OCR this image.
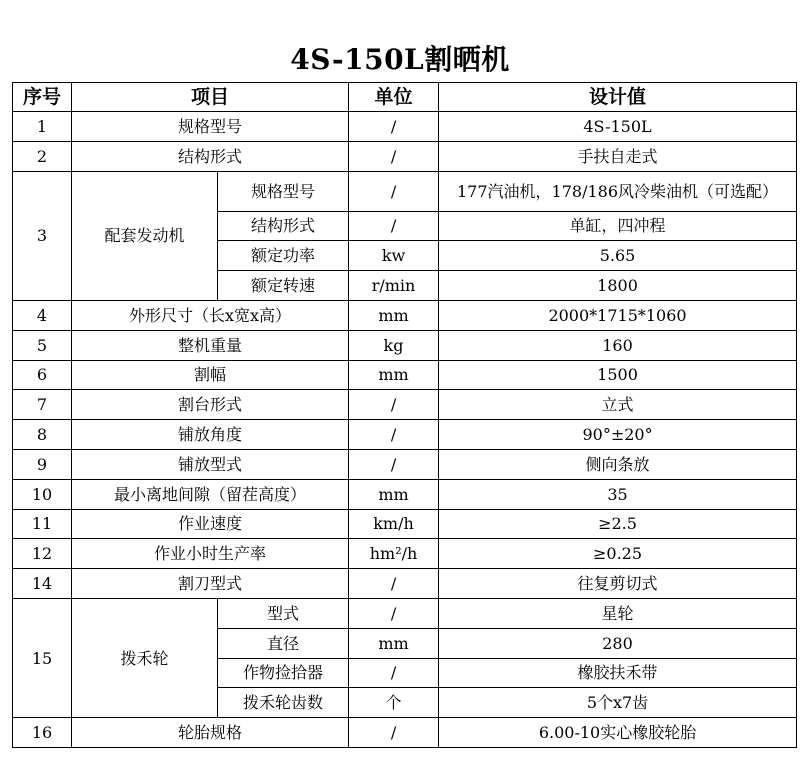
4S-150L割晒机
序号	项目		单位	设计值
1	规格型号		/	4S-150L
2	结构形式		/	手扶自走式
3	配套发动机	规格型号	/	177汽油机，178/186风冷柴油机（可选配）
		结构形式	/	单缸，四冲程
		额定功率	kw	5.65
		额定转速	r/min	1800
4	外形尺寸（长x宽x高）		mm	2000*1715*1060
5	整机重量		kg	160
6	割幅		mm	1500
7	割台形式		/	立式
8	铺放角度		/	90°±20°
9	铺放型式		/	侧向条放
10	最小离地间隙（留茬高度）		mm	35
11	作业速度		km/h	≥2.5
12	作业小时生产率		hm²/h	≥0.25
14	割刀型式		/	往复剪切式
15	拨禾轮	型式	/	星轮
		直径	mm	280
		作物捡拾器	/	橡胶扶禾带
		拨禾轮齿数	个	5个x7齿
16	轮胎规格		/	6.00-10实心橡胶轮胎
